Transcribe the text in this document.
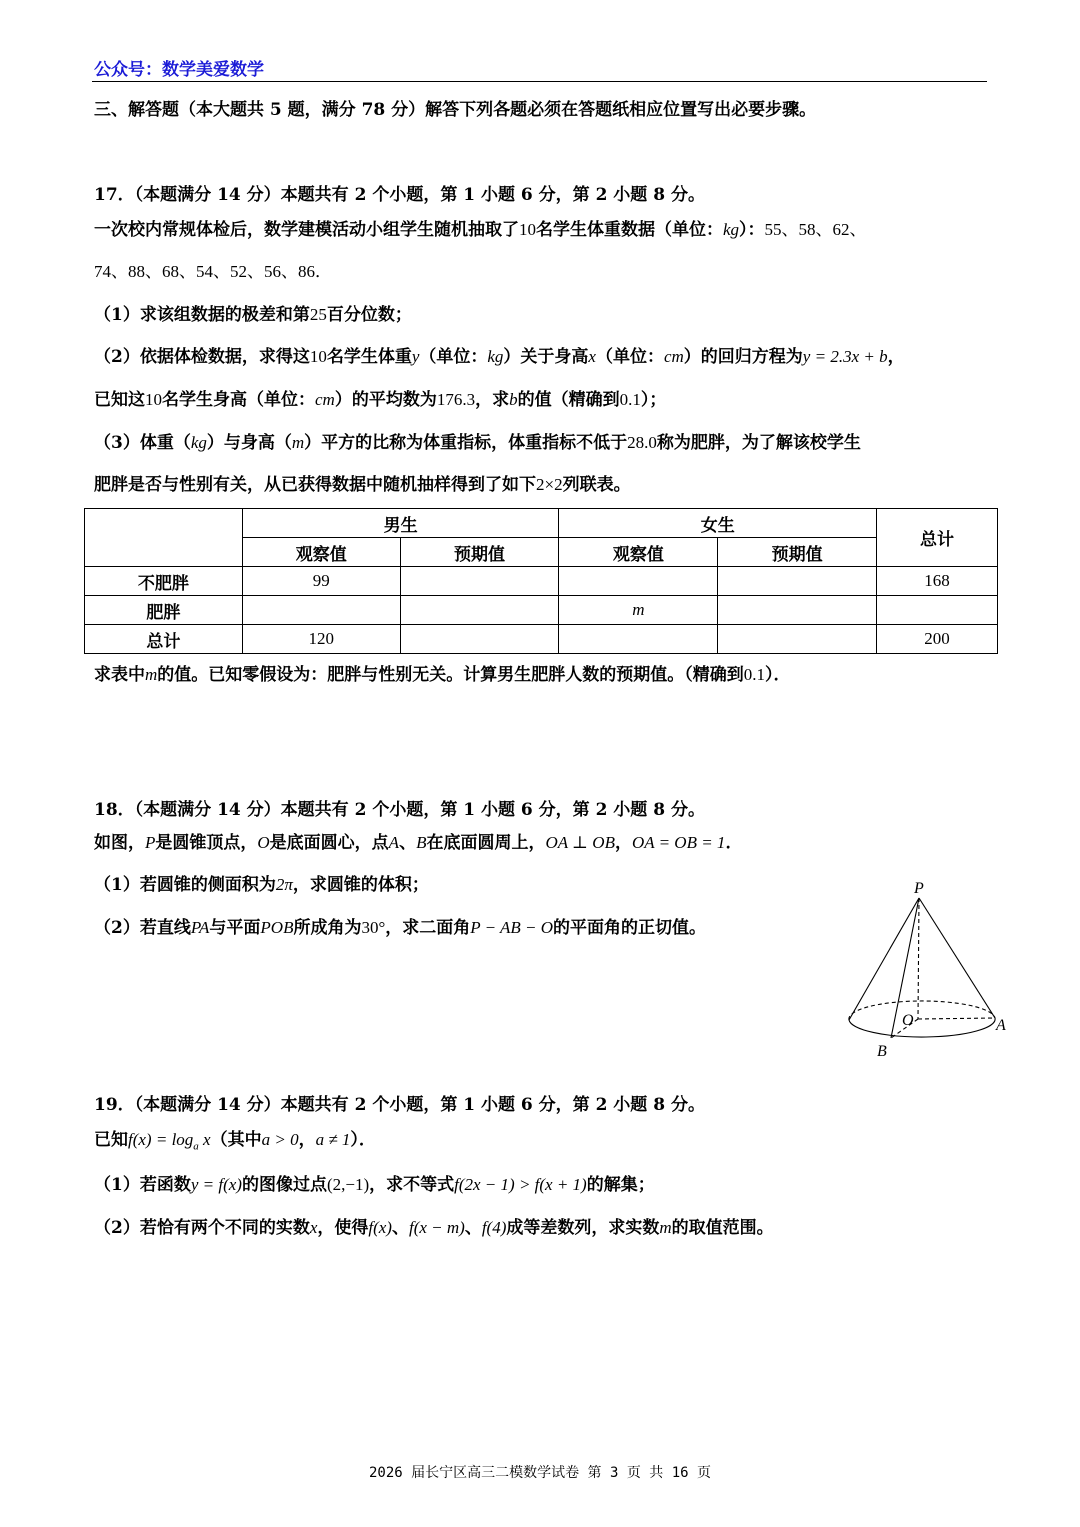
公众号：数学美爱数学
三、解答题（本大题共 5 题，满分 78 分）解答下列各题必须在答题纸相应位置写出必要步骤。
17．（本题满分 14 分）本题共有 2 个小题，第 1 小题 6 分，第 2 小题 8 分。
一次校内常规体检后，数学建模活动小组学生随机抽取了10名学生体重数据（单位：kg）：55、58、62、
74、88、68、54、52、56、86．
（1）求该组数据的极差和第25百分位数；
（2）依据体检数据，求得这10名学生体重y（单位：kg）关于身高x（单位：cm）的回归方程为y = 2.3x + b，
已知这10名学生身高（单位：cm）的平均数为176.3，求b的值（精确到0.1）；
（3）体重（kg）与身高（m）平方的比称为体重指标，体重指标不低于28.0称为肥胖，为了解该校学生
肥胖是否与性别有关，从已获得数据中随机抽样得到了如下2×2列联表。
	男生		女生		总计
	观察值	预期值	观察值	预期值	
不肥胖	99				168
肥胖			m		
总计	120				200
求表中m的值。已知零假设为：肥胖与性别无关。计算男生肥胖人数的预期值。（精确到0.1）．
18．（本题满分 14 分）本题共有 2 个小题，第 1 小题 6 分，第 2 小题 8 分。
如图，P是圆锥顶点，O是底面圆心，点A、B在底面圆周上，OA ⊥ OB，OA = OB = 1．
（1）若圆锥的侧面积为2π，求圆锥的体积；
（2）若直线PA与平面POB所成角为30°，求二面角P − AB − O的平面角的正切值。
P
O	A
B
19．（本题满分 14 分）本题共有 2 个小题，第 1 小题 6 分，第 2 小题 8 分。
已知$f(x) = \log_a x$（其中a > 0，a ≠ 1）．
（1）若函数y = f(x)的图像过点(2,−1)，求不等式f(2x − 1) > f(x + 1)的解集；
（2）若恰有两个不同的实数x，使得f(x)、f(x − m)、f(4)成等差数列，求实数m的取值范围。
2026 届长宁区高三二模数学试卷 第 3 页 共 16 页
